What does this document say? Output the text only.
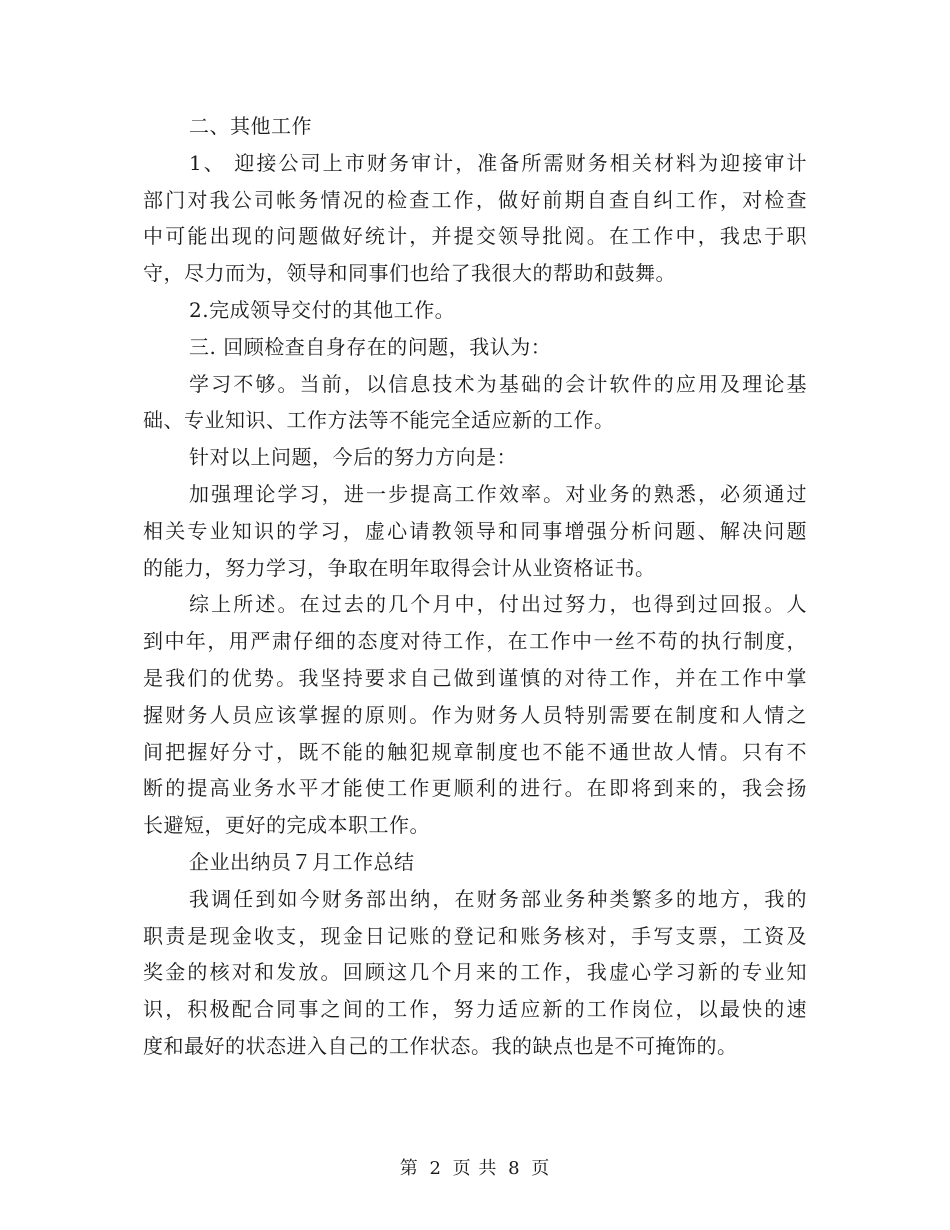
二、其他工作
1、 迎接公司上市财务审计，准备所需财务相关材料为迎接审计
部门对我公司帐务情况的检查工作，做好前期自查自纠工作，对检查
中可能出现的问题做好统计，并提交领导批阅。在工作中，我忠于职
守，尽力而为，领导和同事们也给了我很大的帮助和鼓舞。
2.完成领导交付的其他工作。
三. 回顾检查自身存在的问题，我认为：
学习不够。当前，以信息技术为基础的会计软件的应用及理论基
础、专业知识、工作方法等不能完全适应新的工作。
针对以上问题，今后的努力方向是：
加强理论学习，进一步提高工作效率。对业务的熟悉，必须通过
相关专业知识的学习，虚心请教领导和同事增强分析问题、解决问题
的能力，努力学习，争取在明年取得会计从业资格证书。
综上所述。在过去的几个月中，付出过努力，也得到过回报。人
到中年，用严肃仔细的态度对待工作，在工作中一丝不苟的执行制度，
是我们的优势。我坚持要求自己做到谨慎的对待工作，并在工作中掌
握财务人员应该掌握的原则。作为财务人员特别需要在制度和人情之
间把握好分寸，既不能的触犯规章制度也不能不通世故人情。只有不
断的提高业务水平才能使工作更顺利的进行。在即将到来的，我会扬
长避短，更好的完成本职工作。
企业出纳员７月工作总结
我调任到如今财务部出纳，在财务部业务种类繁多的地方，我的
职责是现金收支，现金日记账的登记和账务核对，手写支票，工资及
奖金的核对和发放。回顾这几个月来的工作，我虚心学习新的专业知
识，积极配合同事之间的工作，努力适应新的工作岗位，以最快的速
度和最好的状态进入自己的工作状态。我的缺点也是不可掩饰的。
第 2 页 共 8 页
